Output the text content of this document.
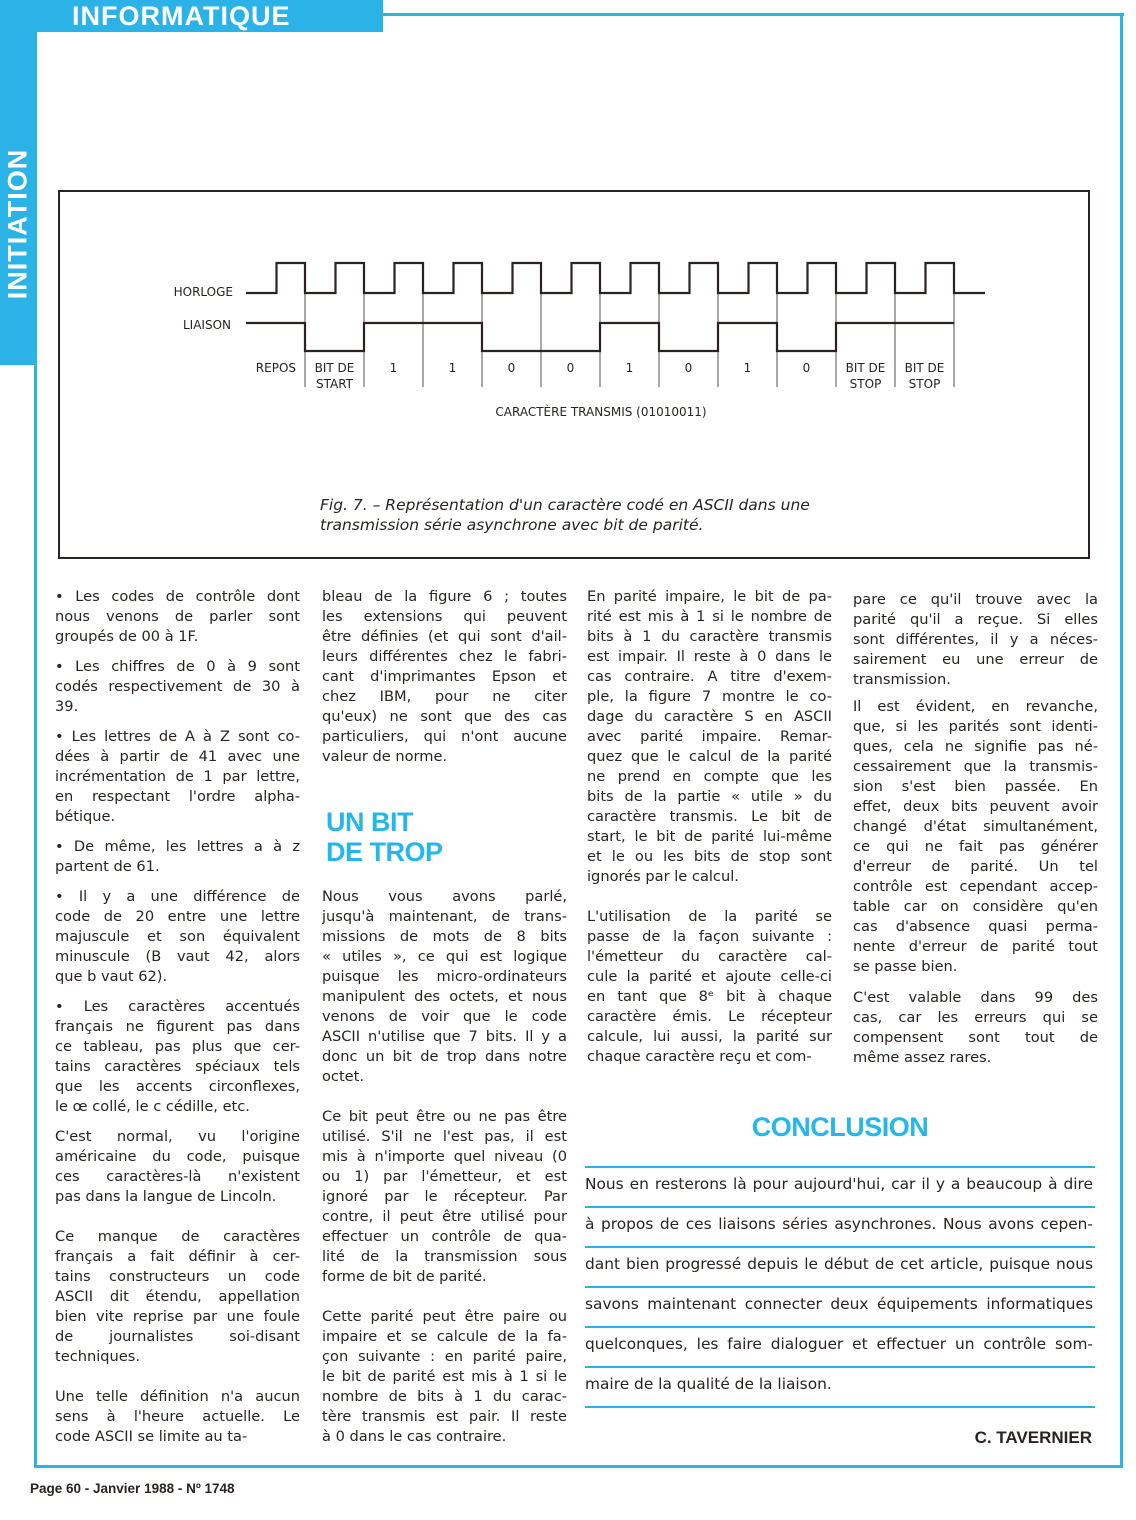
INFORMATIQUE
INITIATION	HORLOGE
LIAISON
REPOS BIT DE
START
1	1	0	0	1	0	1	0	BIT DE
STOP
BIT DE
STOP
CARACTÈRE TRANSMIS (01010011)
Fig. 7. – Représentation d'un caractère codé en ASCII dans une
transmission série asynchrone avec bit de parité.
• Les codes de contrôle dont
nous venons de parler sont
groupés de 00 à 1F.
• Les chiffres de 0 à 9 sont
codés respectivement de 30 à
39.
• Les lettres de A à Z sont co-
dées à partir de 41 avec une
incrémentation de 1 par lettre,
en respectant l'ordre alpha-
bétique.
• De même, les lettres a à z
partent de 61.
• Il y a une différence de
code de 20 entre une lettre
majuscule et son équivalent
minuscule (B vaut 42, alors
que b vaut 62).
• Les caractères accentués
français ne figurent pas dans
ce tableau, pas plus que cer-
tains caractères spéciaux tels
que les accents circonflexes,
le œ collé, le c cédille, etc.
C'est normal, vu l'origine
américaine du code, puisque
ces caractères-là n'existent
pas dans la langue de Lincoln.
Ce manque de caractères
français a fait définir à cer-
tains constructeurs un code
ASCII dit étendu, appellation
bien vite reprise par une foule
de journalistes soi-disant
techniques.
Une telle définition n'a aucun
sens à l'heure actuelle. Le
code ASCII se limite au ta-
bleau de la figure 6 ; toutes
les extensions qui peuvent
être définies (et qui sont d'ail-
leurs différentes chez le fabri-
cant d'imprimantes Epson et
chez IBM, pour ne citer
qu'eux) ne sont que des cas
particuliers, qui n'ont aucune
valeur de norme.
Nous vous avons parlé,
jusqu'à maintenant, de trans-
missions de mots de 8 bits
« utiles », ce qui est logique
puisque les micro-ordinateurs
manipulent des octets, et nous
venons de voir que le code
ASCII n'utilise que 7 bits. Il y a
donc un bit de trop dans notre
octet.
Ce bit peut être ou ne pas être
utilisé. S'il ne l'est pas, il est
mis à n'importe quel niveau (0
ou 1) par l'émetteur, et est
ignoré par le récepteur. Par
contre, il peut être utilisé pour
effectuer un contrôle de qua-
lité de la transmission sous
forme de bit de parité.
Cette parité peut être paire ou
impaire et se calcule de la fa-
çon suivante : en parité paire,
le bit de parité est mis à 1 si le
nombre de bits à 1 du carac-
tère transmis est pair. Il reste
à 0 dans le cas contraire.
En parité impaire, le bit de pa-
rité est mis à 1 si le nombre de
bits à 1 du caractère transmis
est impair. Il reste à 0 dans le
cas contraire. A titre d'exem-
ple, la figure 7 montre le co-
dage du caractère S en ASCII
avec parité impaire. Remar-
quez que le calcul de la parité
ne prend en compte que les
bits de la partie « utile » du
caractère transmis. Le bit de
start, le bit de parité lui-même
et le ou les bits de stop sont
ignorés par le calcul.
L'utilisation de la parité se
passe de la façon suivante :
l'émetteur du caractère cal-
cule la parité et ajoute celle-ci
en tant que 8ᵉ bit à chaque
caractère émis. Le récepteur
calcule, lui aussi, la parité sur
chaque caractère reçu et com-
pare ce qu'il trouve avec la
parité qu'il a reçue. Si elles
sont différentes, il y a néces-
sairement eu une erreur de
transmission.
Il est évident, en revanche,
que, si les parités sont identi-
ques, cela ne signifie pas né-
cessairement que la transmis-
sion s'est bien passée. En
effet, deux bits peuvent avoir
changé d'état simultanément,
ce qui ne fait pas générer
d'erreur de parité. Un tel
contrôle est cependant accep-
table car on considère qu'en
cas d'absence quasi perma-
nente d'erreur de parité tout
se passe bien.
C'est valable dans 99 des
cas, car les erreurs qui se
compensent sont tout de
même assez rares.
UN BIT
DE TROP
CONCLUSION
Nous en resterons là pour aujourd'hui, car il y a beaucoup à dire
à propos de ces liaisons séries asynchrones. Nous avons cepen-
dant bien progressé depuis le début de cet article, puisque nous
savons maintenant connecter deux équipements informatiques
quelconques, les faire dialoguer et effectuer un contrôle som-
maire de la qualité de la liaison.
C. TAVERNIER
Page 60 - Janvier 1988 - Nº 1748
